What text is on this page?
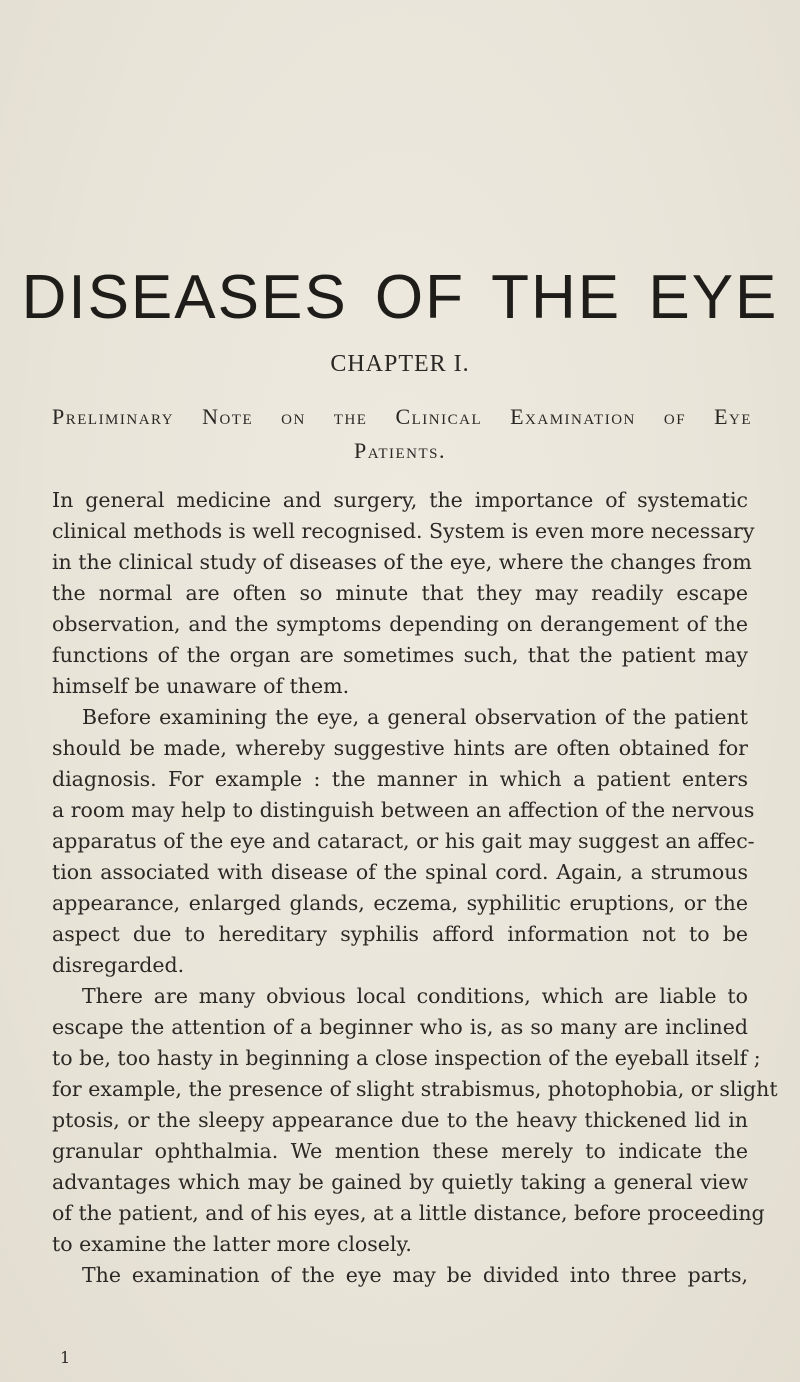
DISEASES OF THE EYE
CHAPTER I.
Preliminary Note on the Clinical Examination of Eye
Patients.
In general medicine and surgery, the importance of systematic
clinical methods is well recognised. System is even more necessary
in the clinical study of diseases of the eye, where the changes from
the normal are often so minute that they may readily escape
observation, and the symptoms depending on derangement of the
functions of the organ are sometimes such, that the patient may
himself be unaware of them.
Before examining the eye, a general observation of the patient
should be made, whereby suggestive hints are often obtained for
diagnosis. For example : the manner in which a patient enters
a room may help to distinguish between an affection of the nervous
apparatus of the eye and cataract, or his gait may suggest an affec-
tion associated with disease of the spinal cord. Again, a strumous
appearance, enlarged glands, eczema, syphilitic eruptions, or the
aspect due to hereditary syphilis afford information not to be
disregarded.
There are many obvious local conditions, which are liable to
escape the attention of a beginner who is, as so many are inclined
to be, too hasty in beginning a close inspection of the eyeball itself ;
for example, the presence of slight strabismus, photophobia, or slight
ptosis, or the sleepy appearance due to the heavy thickened lid in
granular ophthalmia. We mention these merely to indicate the
advantages which may be gained by quietly taking a general view
of the patient, and of his eyes, at a little distance, before proceeding
to examine the latter more closely.
The examination of the eye may be divided into three parts,
1
